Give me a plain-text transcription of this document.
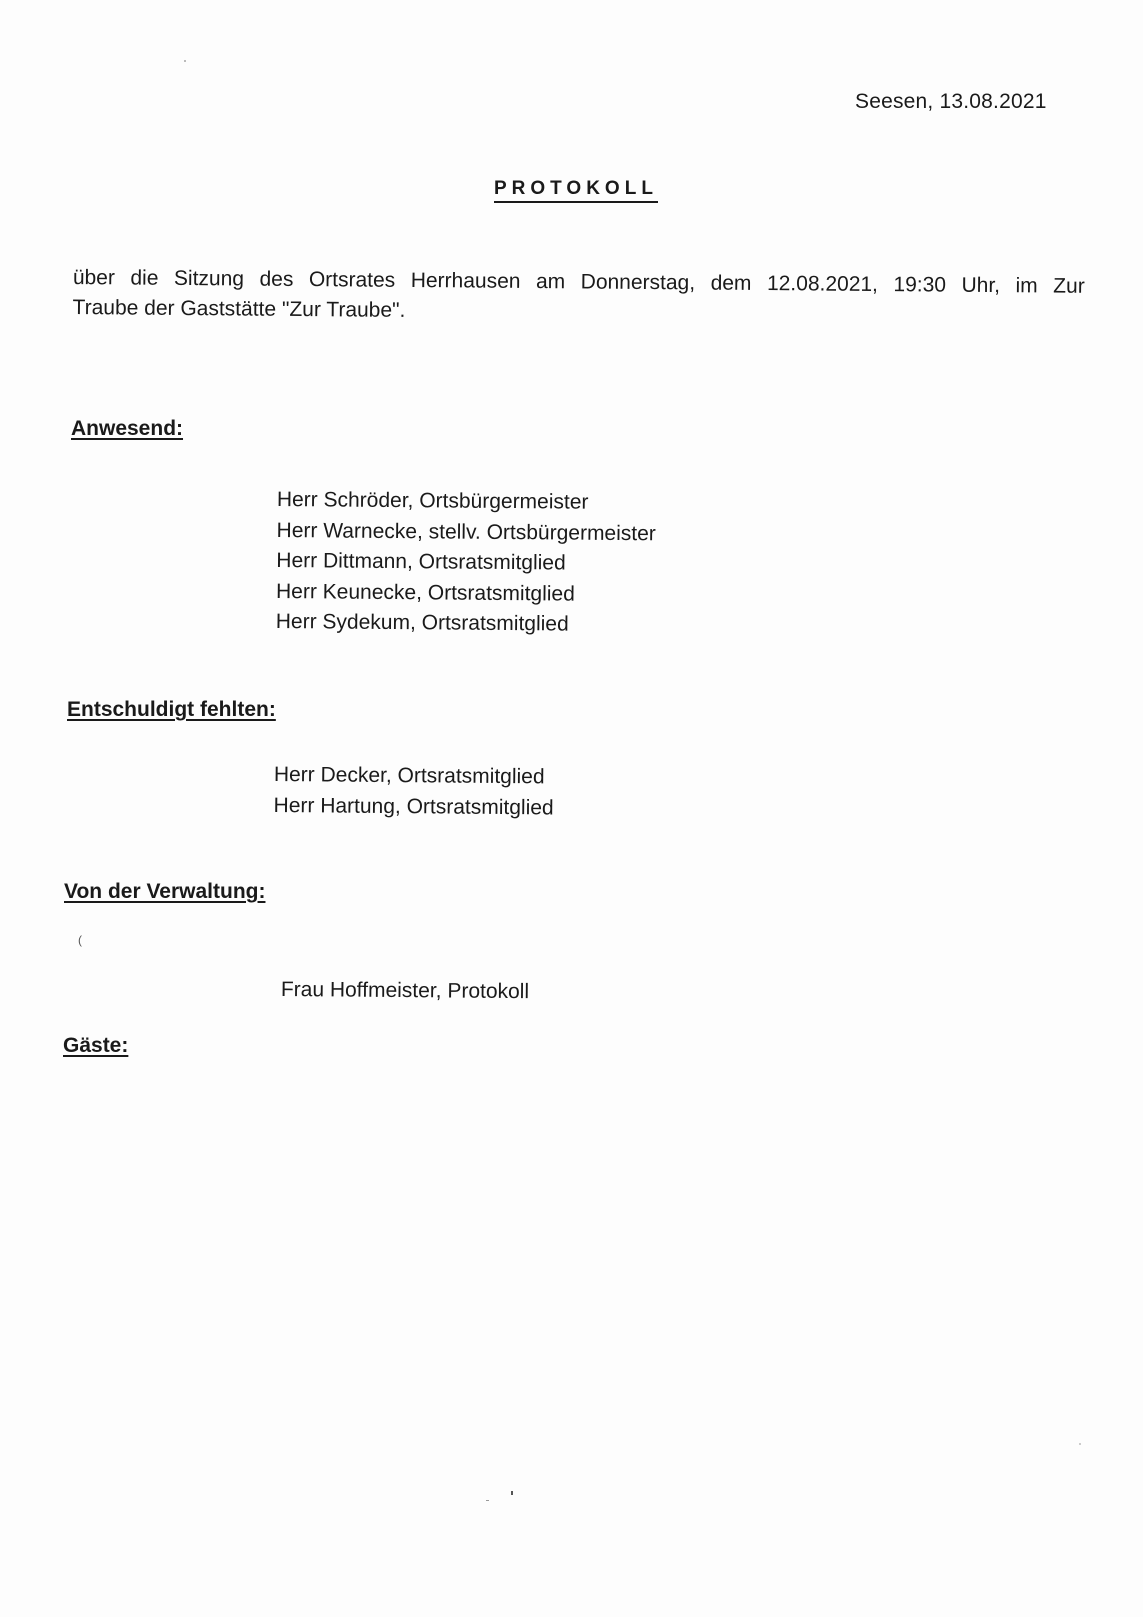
Seesen, 13.08.2021
PROTOKOLL
über die Sitzung des Ortsrates Herrhausen am Donnerstag, dem 12.08.2021, 19:30 Uhr, im Zur
Traube der Gaststätte "Zur Traube".
Anwesend:
Herr Schröder, Ortsbürgermeister
Herr Warnecke, stellv. Ortsbürgermeister
Herr Dittmann, Ortsratsmitglied
Herr Keunecke, Ortsratsmitglied
Herr Sydekum, Ortsratsmitglied
Entschuldigt fehlten:
Herr Decker, Ortsratsmitglied
Herr Hartung, Ortsratsmitglied
Von der Verwaltung:
(
Frau Hoffmeister, Protokoll
Gäste:
